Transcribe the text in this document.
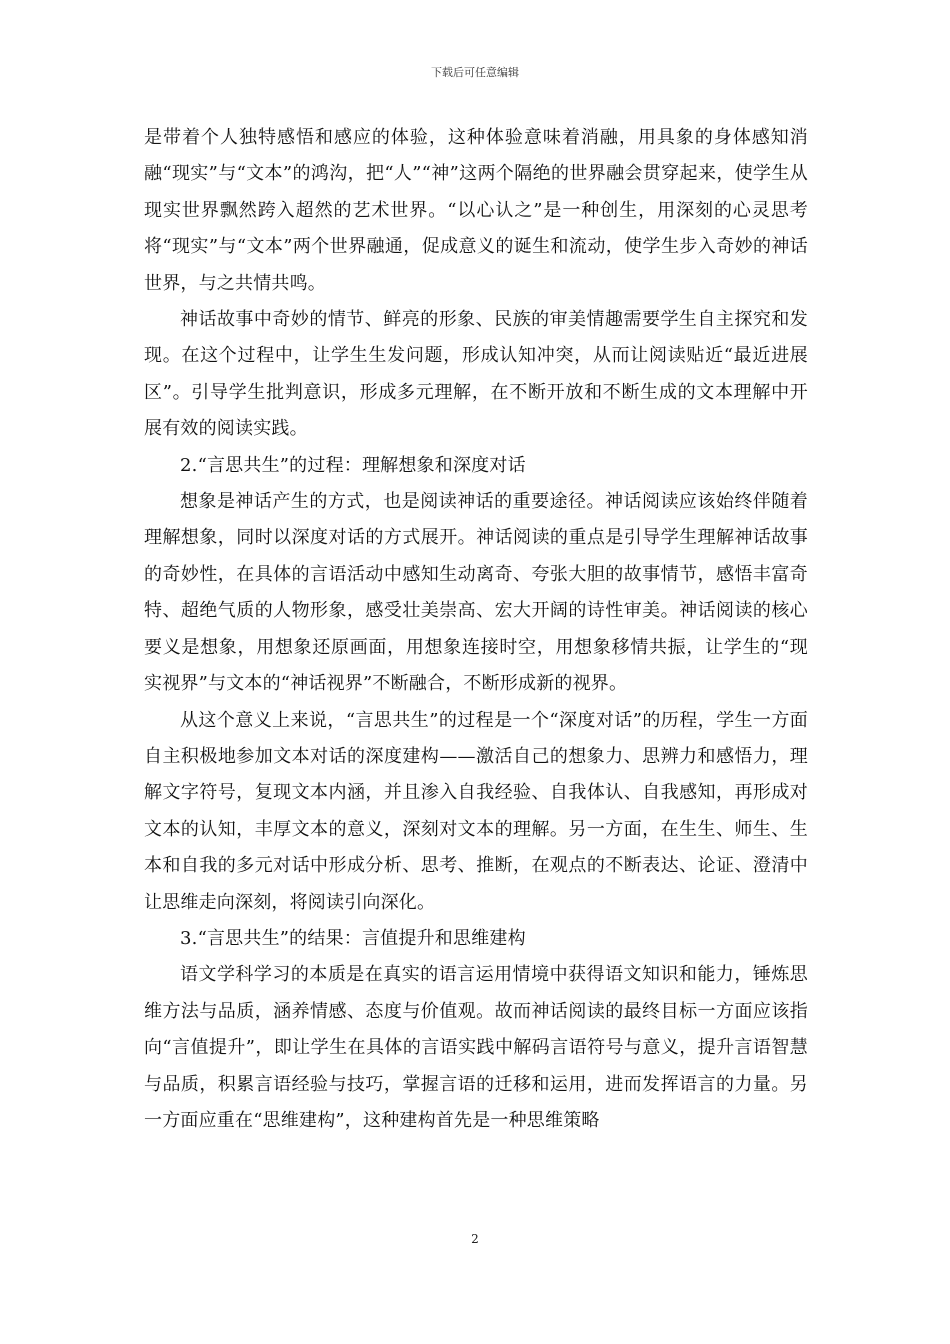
下载后可任意编辑

是带着个人独特感悟和感应的体验，这种体验意味着消融，用具象的身体感知消融“现实”与“文本”的鸿沟，把“人”“神”这两个隔绝的世界融会贯穿起来，使学生从现实世界飘然跨入超然的艺术世界。“以心认之”是一种创生，用深刻的心灵思考将“现实”与“文本”两个世界融通，促成意义的诞生和流动，使学生步入奇妙的神话世界，与之共情共鸣。

神话故事中奇妙的情节、鲜亮的形象、民族的审美情趣需要学生自主探究和发现。在这个过程中，让学生生发问题，形成认知冲突，从而让阅读贴近“最近进展区”。引导学生批判意识，形成多元理解，在不断开放和不断生成的文本理解中开展有效的阅读实践。

2.“言思共生”的过程：理解想象和深度对话

想象是神话产生的方式，也是阅读神话的重要途径。神话阅读应该始终伴随着理解想象，同时以深度对话的方式展开。神话阅读的重点是引导学生理解神话故事的奇妙性，在具体的言语活动中感知生动离奇、夸张大胆的故事情节，感悟丰富奇特、超绝气质的人物形象，感受壮美崇高、宏大开阔的诗性审美。神话阅读的核心要义是想象，用想象还原画面，用想象连接时空，用想象移情共振，让学生的“现实视界”与文本的“神话视界”不断融合，不断形成新的视界。

从这个意义上来说，“言思共生”的过程是一个“深度对话”的历程，学生一方面自主积极地参加文本对话的深度建构——激活自己的想象力、思辨力和感悟力，理解文字符号，复现文本内涵，并且渗入自我经验、自我体认、自我感知，再形成对文本的认知，丰厚文本的意义，深刻对文本的理解。另一方面，在生生、师生、生本和自我的多元对话中形成分析、思考、推断，在观点的不断表达、论证、澄清中让思维走向深刻，将阅读引向深化。

3.“言思共生”的结果：言值提升和思维建构

语文学科学习的本质是在真实的语言运用情境中获得语文知识和能力，锤炼思维方法与品质，涵养情感、态度与价值观。故而神话阅读的最终目标一方面应该指向“言值提升”，即让学生在具体的言语实践中解码言语符号与意义，提升言语智慧与品质，积累言语经验与技巧，掌握言语的迁移和运用，进而发挥语言的力量。另一方面应重在“思维建构”，这种建构首先是一种思维策略

2
